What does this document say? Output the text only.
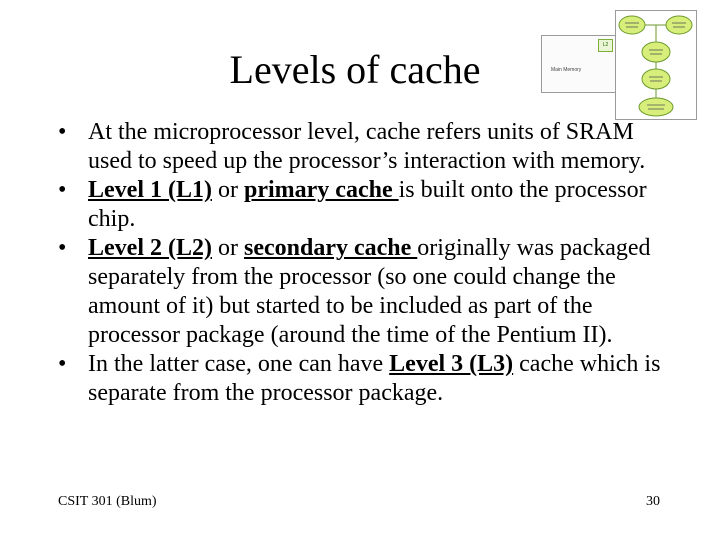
Levels of cache	Main Memory
L2
• At the microprocessor level, cache refers units of SRAM used to speed up the processor’s interaction with memory.
• Level 1 (L1) or primary cache is built onto the processor chip.
• Level 2 (L2) or secondary cache originally was packaged separately from the processor (so one could change the amount of it) but started to be included as part of the processor package (around the time of the Pentium II).
• In the latter case, one can have Level 3 (L3) cache which is separate from the processor package.
CSIT 301 (Blum)	30
